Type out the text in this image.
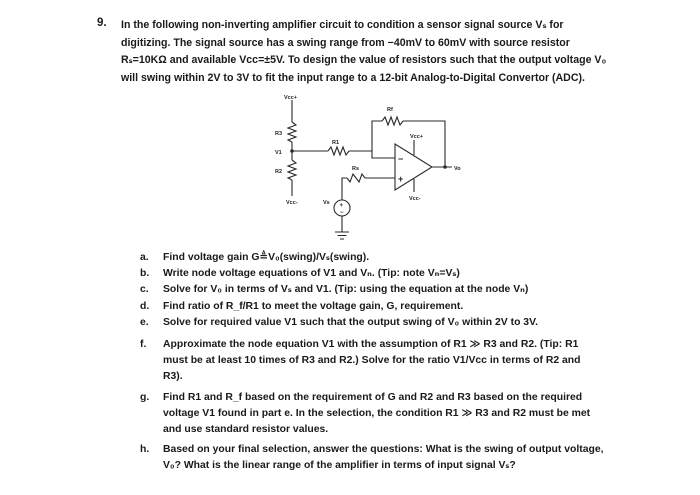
9. In the following non-inverting amplifier circuit to condition a sensor signal source Vₛ for
digitizing. The signal source has a swing range from −40mV to 60mV with source resistor
Rₛ=10KΩ and available Vcc=±5V. To design the value of resistors such that the output voltage V₀
will swing within 2V to 3V to fit the input range to a 12-bit Analog-to-Digital Convertor (ADC).

−
+
+
−
Vcc+
Rf
R3
V1
R1
Vcc+
R2	Rs	Vo
Vs
Vcc-
Vcc-
a.	Find voltage gain G≜V₀(swing)/Vₛ(swing).
b.	Write node voltage equations of V1 and Vₙ. (Tip: note Vₙ=Vₛ)
c.	Solve for V₀ in terms of Vₛ and V1. (Tip: using the equation at the node Vₙ)
d.	Find ratio of R_f/R1 to meet the voltage gain, G, requirement.
e.	Solve for required value V1 such that the output swing of V₀ within 2V to 3V.
f.	Approximate the node equation V1 with the assumption of R1 ≫ R3 and R2. (Tip: R1
must be at least 10 times of R3 and R2.) Solve for the ratio V1/Vcc in terms of R2 and
R3).
g.	Find R1 and R_f based on the requirement of G and R2 and R3 based on the required
voltage V1 found in part e. In the selection, the condition R1 ≫ R3 and R2 must be met
and use standard resistor values.
h.	Based on your final selection, answer the questions: What is the swing of output voltage,
V₀? What is the linear range of the amplifier in terms of input signal Vₛ?
